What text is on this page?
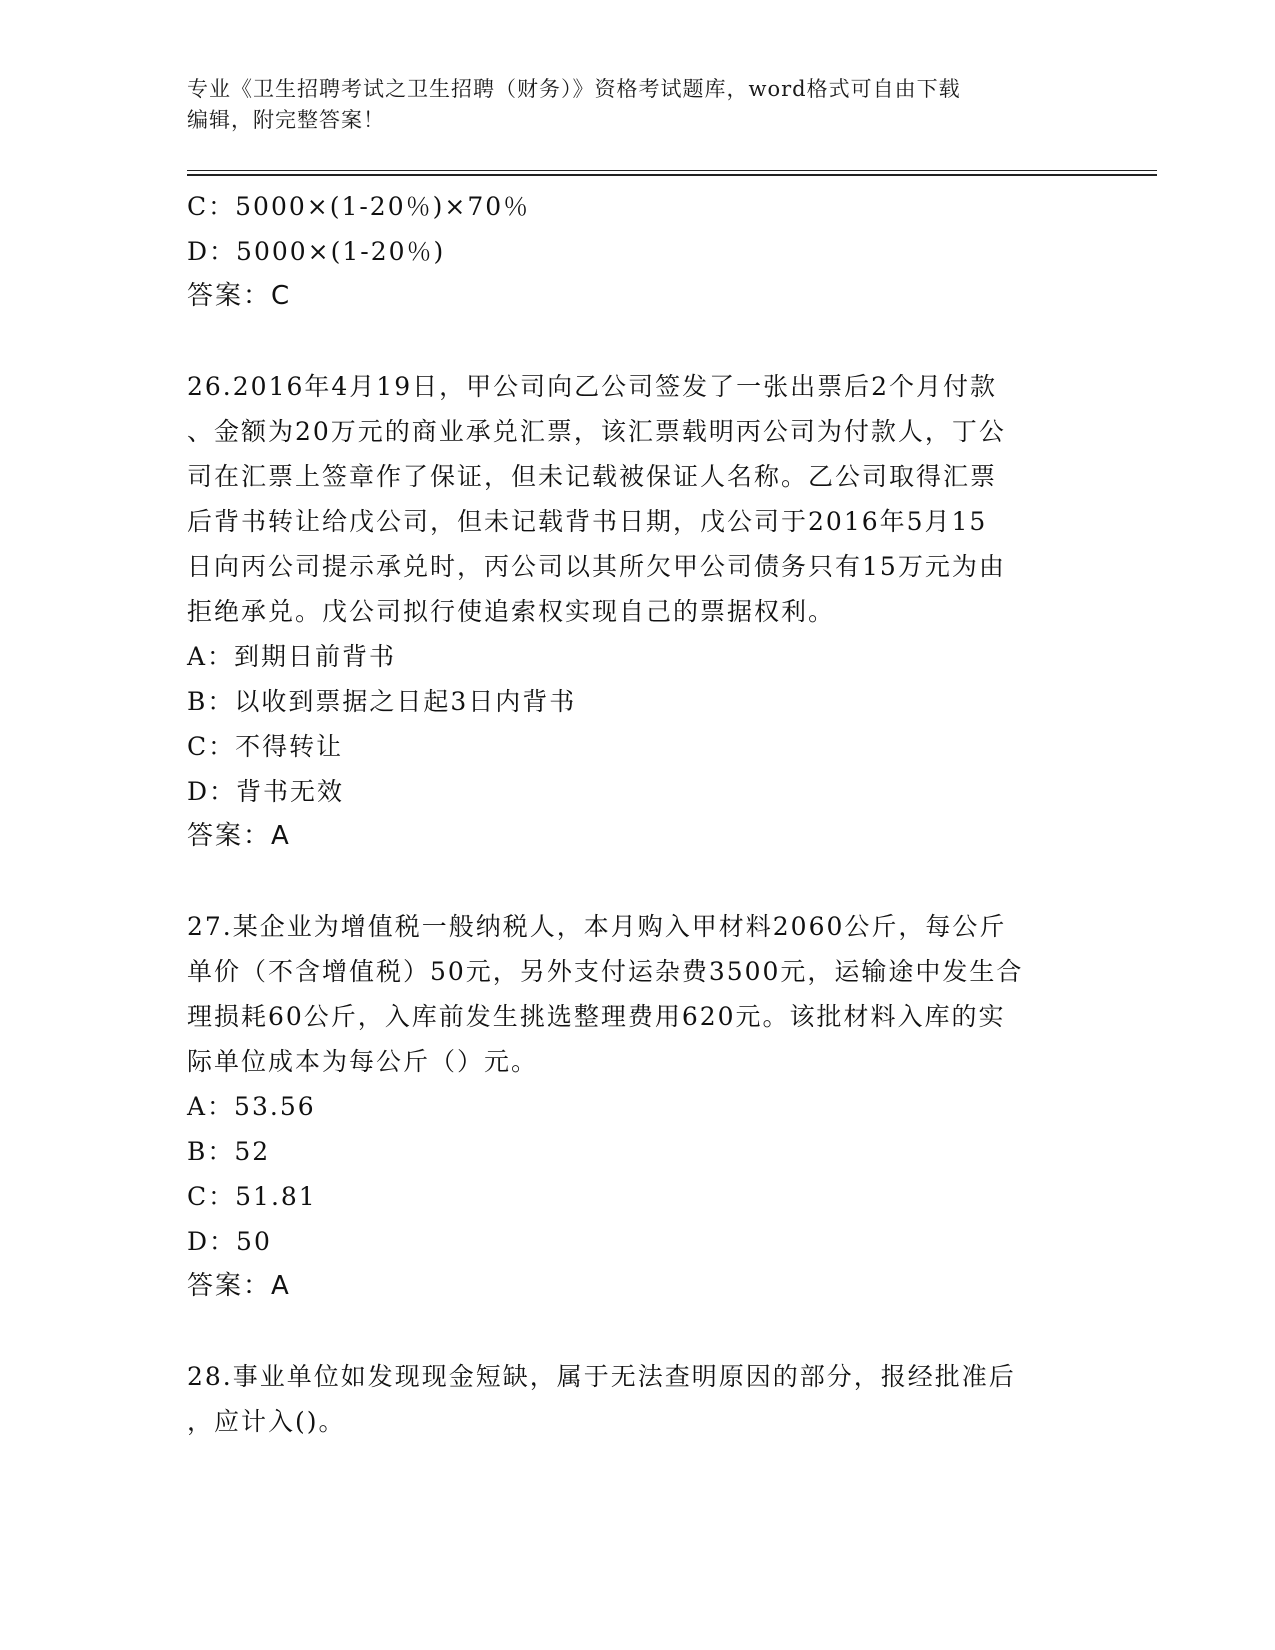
专业《卫生招聘考试之卫生招聘（财务）》资格考试题库，word格式可自由下载
编辑，附完整答案！
C：5000×(1-20％)×70％
D：5000×(1-20％)
答案：C
26.2016年4月19日，甲公司向乙公司签发了一张出票后2个月付款
、金额为20万元的商业承兑汇票，该汇票载明丙公司为付款人，丁公
司在汇票上签章作了保证，但未记载被保证人名称。乙公司取得汇票
后背书转让给戊公司，但未记载背书日期，戊公司于2016年5月15
日向丙公司提示承兑时，丙公司以其所欠甲公司债务只有15万元为由
拒绝承兑。戊公司拟行使追索权实现自己的票据权利。
A：到期日前背书
B：以收到票据之日起3日内背书
C：不得转让
D：背书无效
答案：A
27.某企业为增值税一般纳税人，本月购入甲材料2060公斤，每公斤
单价（不含增值税）50元，另外支付运杂费3500元，运输途中发生合
理损耗60公斤，入库前发生挑选整理费用620元。该批材料入库的实
际单位成本为每公斤（）元。
A：53.56
B：52
C：51.81
D：50
答案：A
28.事业单位如发现现金短缺，属于无法查明原因的部分，报经批准后
，应计入()。
